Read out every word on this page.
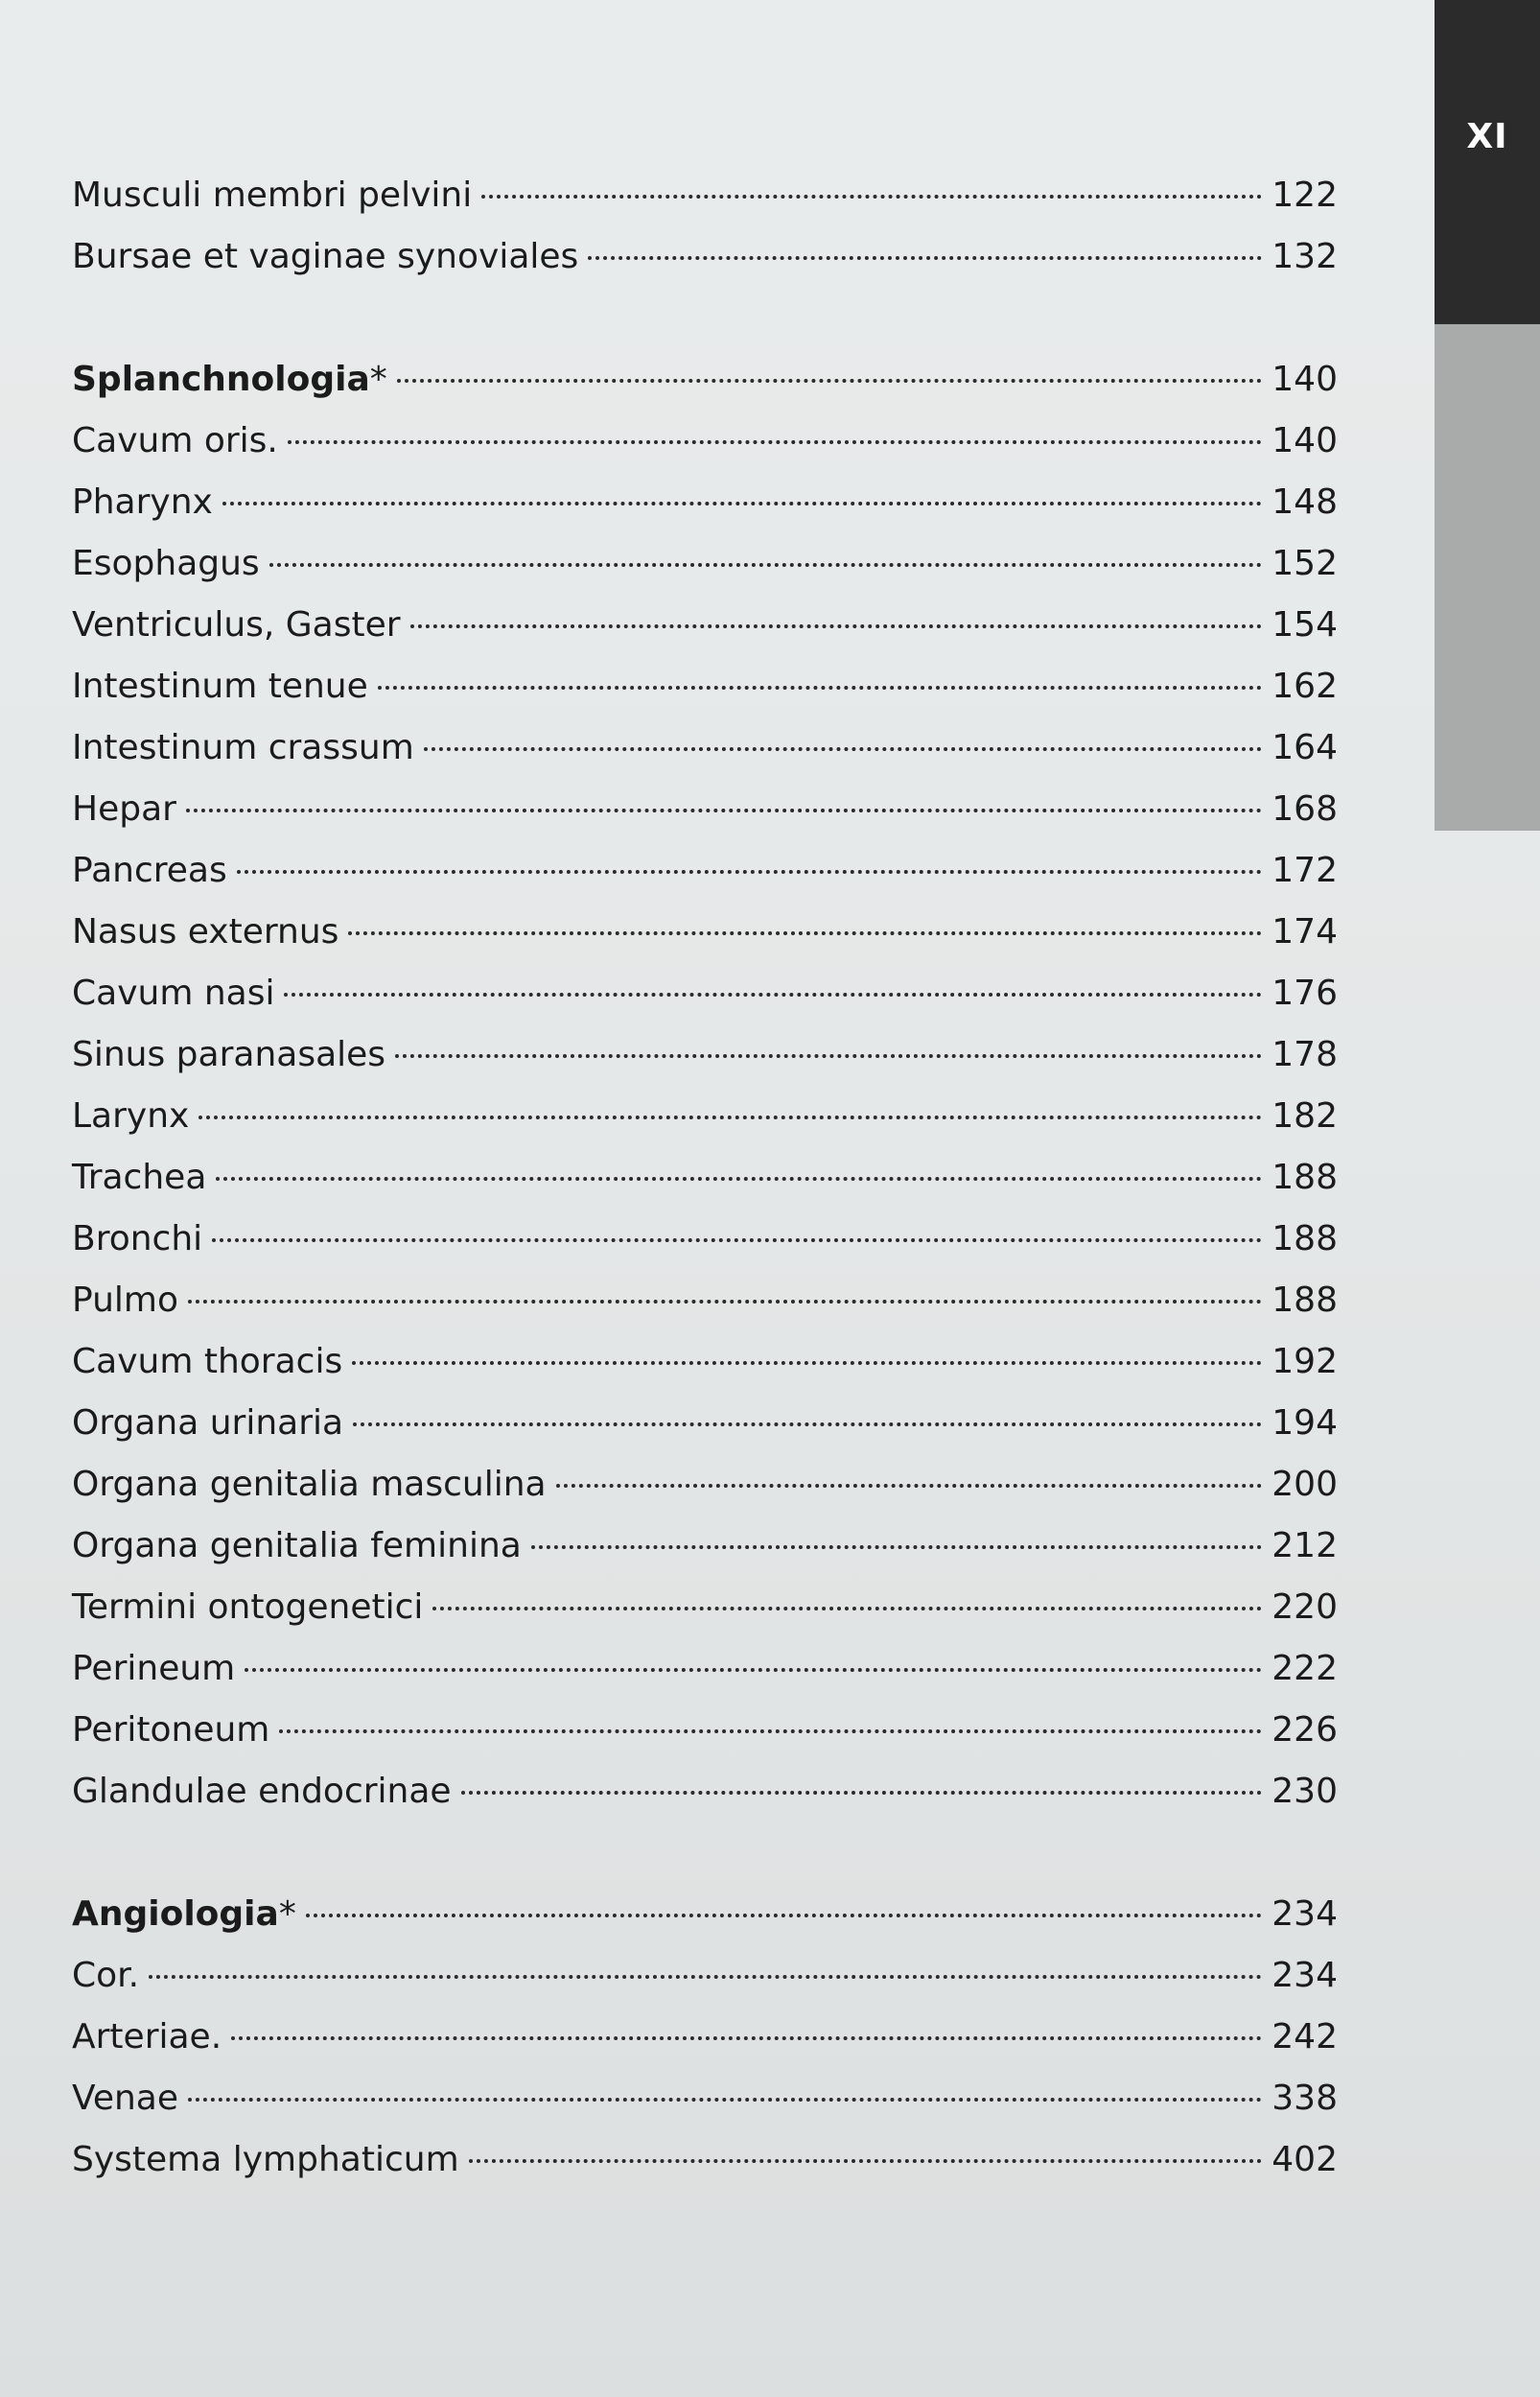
XI
Musculi membri pelvini	122
Bursae et vaginae synoviales	132
Splanchnologia *	140
Cavum oris.	140
Pharynx	148
Esophagus	152
Ventriculus, Gaster	154
Intestinum tenue	162
Intestinum crassum	164
Hepar	168
Pancreas	172
Nasus externus	174
Cavum nasi	176
Sinus paranasales	178
Larynx	182
Trachea	188
Bronchi	188
Pulmo	188
Cavum thoracis	192
Organa urinaria	194
Organa genitalia masculina	200
Organa genitalia feminina	212
Termini ontogenetici	220
Perineum	222
Peritoneum	226
Glandulae endocrinae	230
Angiologia *	234
Cor.	234
Arteriae.	242
Venae	338
Systema lymphaticum	402
